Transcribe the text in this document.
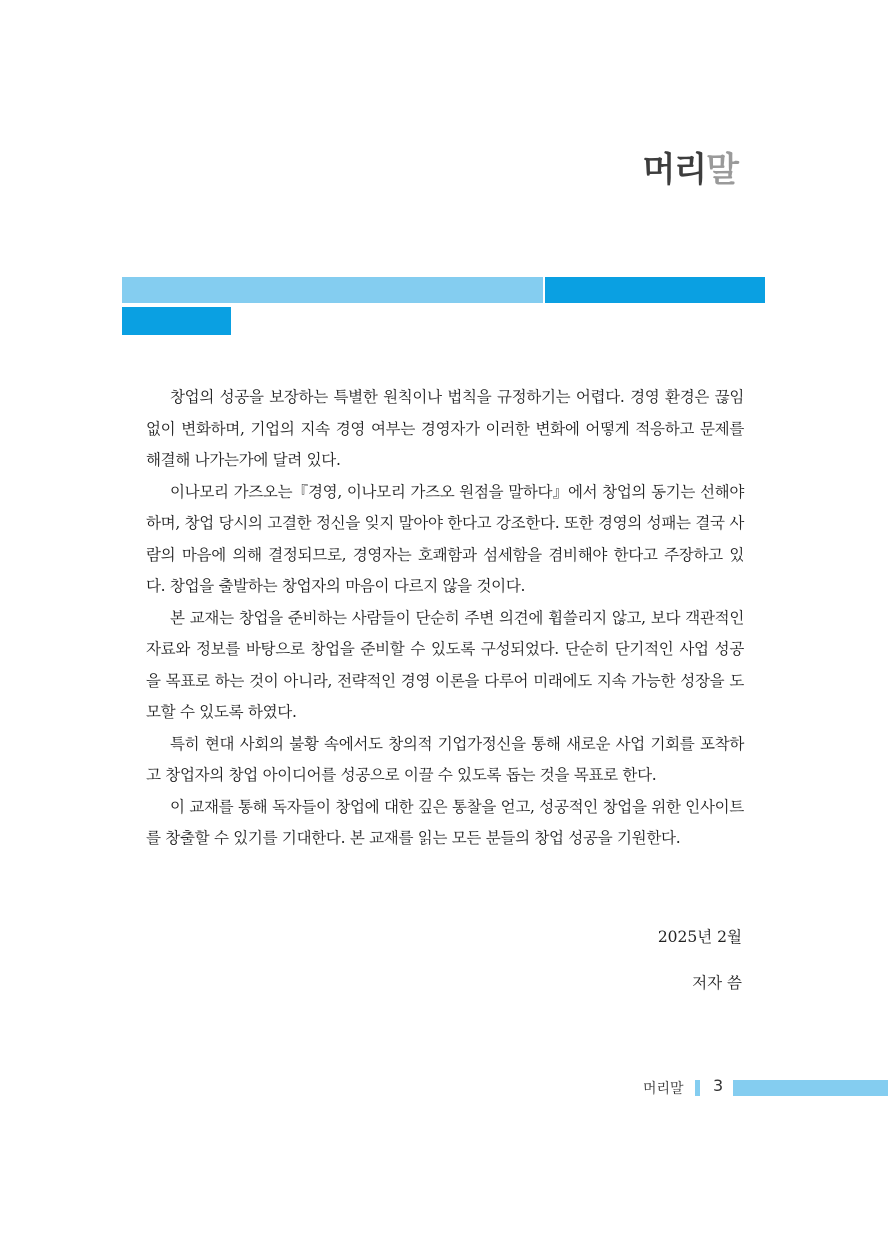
머리말

창업의 성공을 보장하는 특별한 원칙이나 법칙을 규정하기는 어렵다. 경영 환경은 끊임없이 변화하며, 기업의 지속 경영 여부는 경영자가 이러한 변화에 어떻게 적응하고 문제를 해결해 나가는가에 달려 있다.

이나모리 가즈오는『경영, 이나모리 가즈오 원점을 말하다』에서 창업의 동기는 선해야 하며, 창업 당시의 고결한 정신을 잊지 말아야 한다고 강조한다. 또한 경영의 성패는 결국 사람의 마음에 의해 결정되므로, 경영자는 호쾌함과 섬세함을 겸비해야 한다고 주장하고 있다. 창업을 출발하는 창업자의 마음이 다르지 않을 것이다.

본 교재는 창업을 준비하는 사람들이 단순히 주변 의견에 휩쓸리지 않고, 보다 객관적인 자료와 정보를 바탕으로 창업을 준비할 수 있도록 구성되었다. 단순히 단기적인 사업 성공을 목표로 하는 것이 아니라, 전략적인 경영 이론을 다루어 미래에도 지속 가능한 성장을 도모할 수 있도록 하였다.

특히 현대 사회의 불황 속에서도 창의적 기업가정신을 통해 새로운 사업 기회를 포착하고 창업자의 창업 아이디어를 성공으로 이끌 수 있도록 돕는 것을 목표로 한다.

이 교재를 통해 독자들이 창업에 대한 깊은 통찰을 얻고, 성공적인 창업을 위한 인사이트를 창출할 수 있기를 기대한다. 본 교재를 읽는 모든 분들의 창업 성공을 기원한다.

2025년 2월
저자 씀
머리말 3
